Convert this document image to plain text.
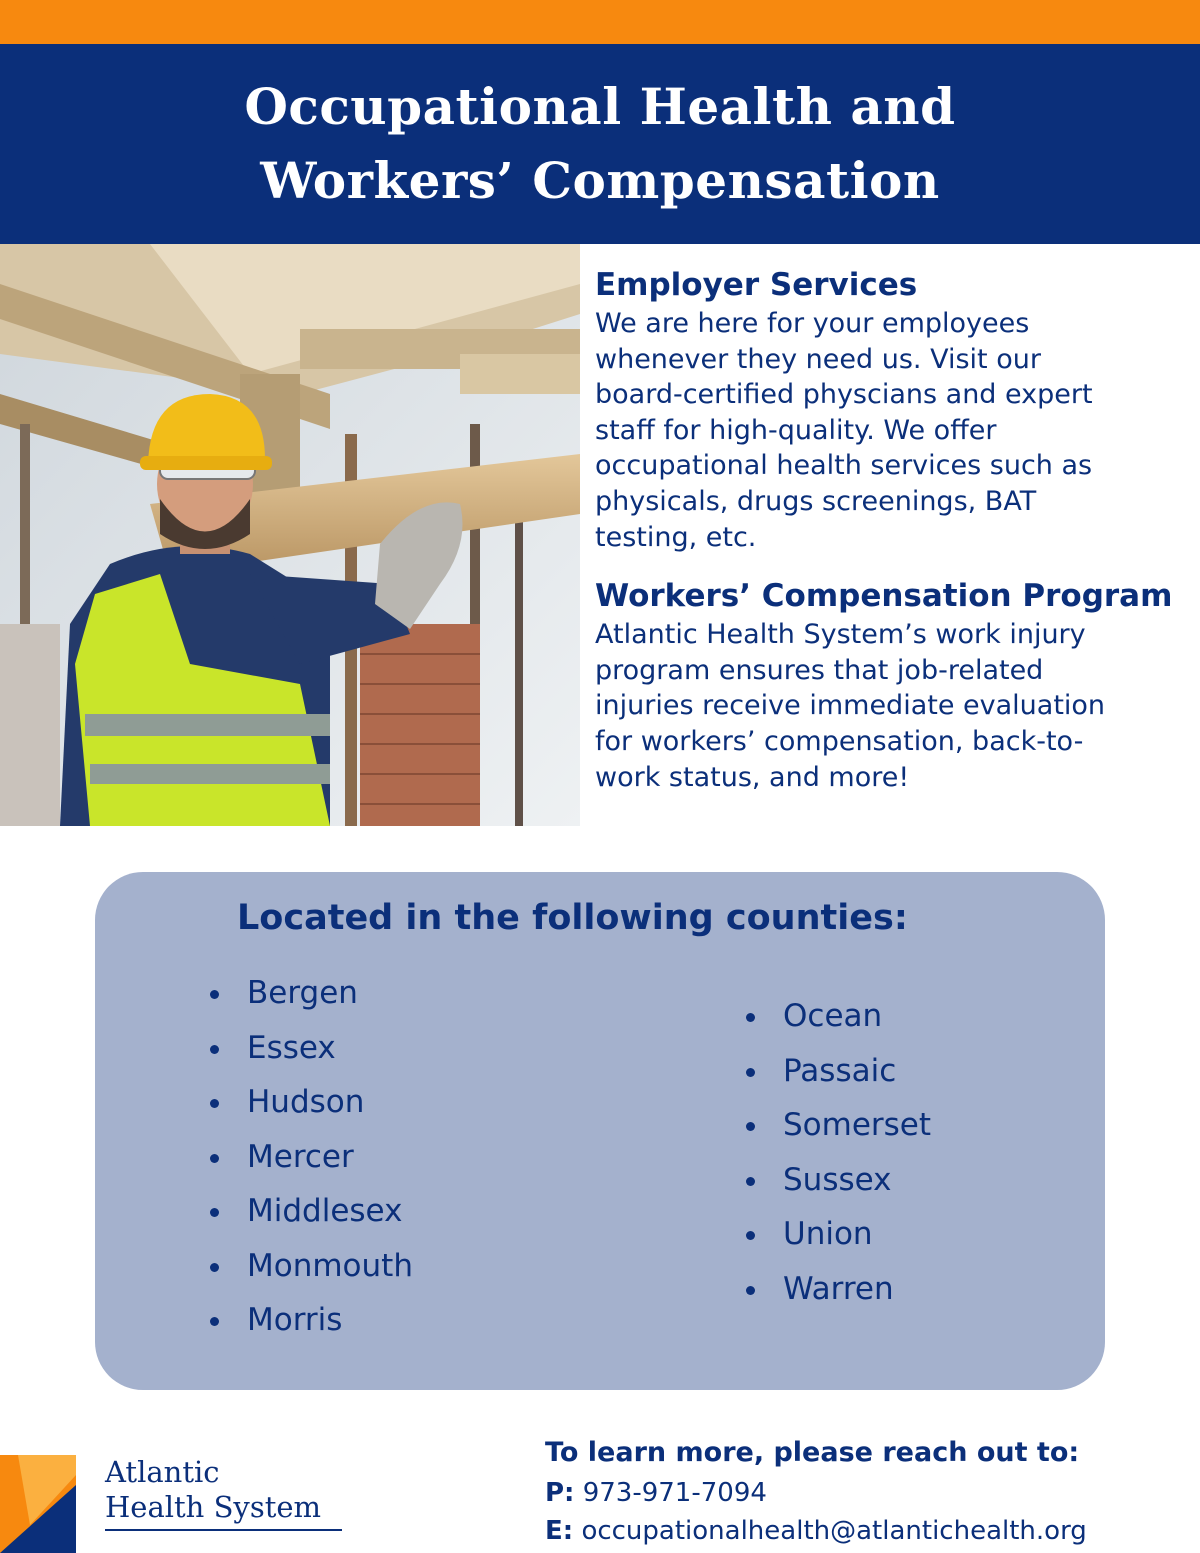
Occupational Health and
Workers’ Compensation
Employer Services
We are here for your employees
whenever they need us. Visit our
board-certified physcians and expert
staff for high-quality. We offer
occupational health services such as
physicals, drugs screenings, BAT
testing, etc.
Workers’ Compensation Program
Atlantic Health System’s work injury
program ensures that job-related
injuries receive immediate evaluation
for workers’ compensation, back-to-
work status, and more!
Located in the following counties:
Bergen
Essex
Hudson
Mercer
Middlesex
Monmouth
Morris
Ocean
Passaic
Somerset
Sussex
Union
Warren
Atlantic
Health System
To learn more, please reach out to:
P: 973-971-7094
E: occupationalhealth@atlantichealth.org
